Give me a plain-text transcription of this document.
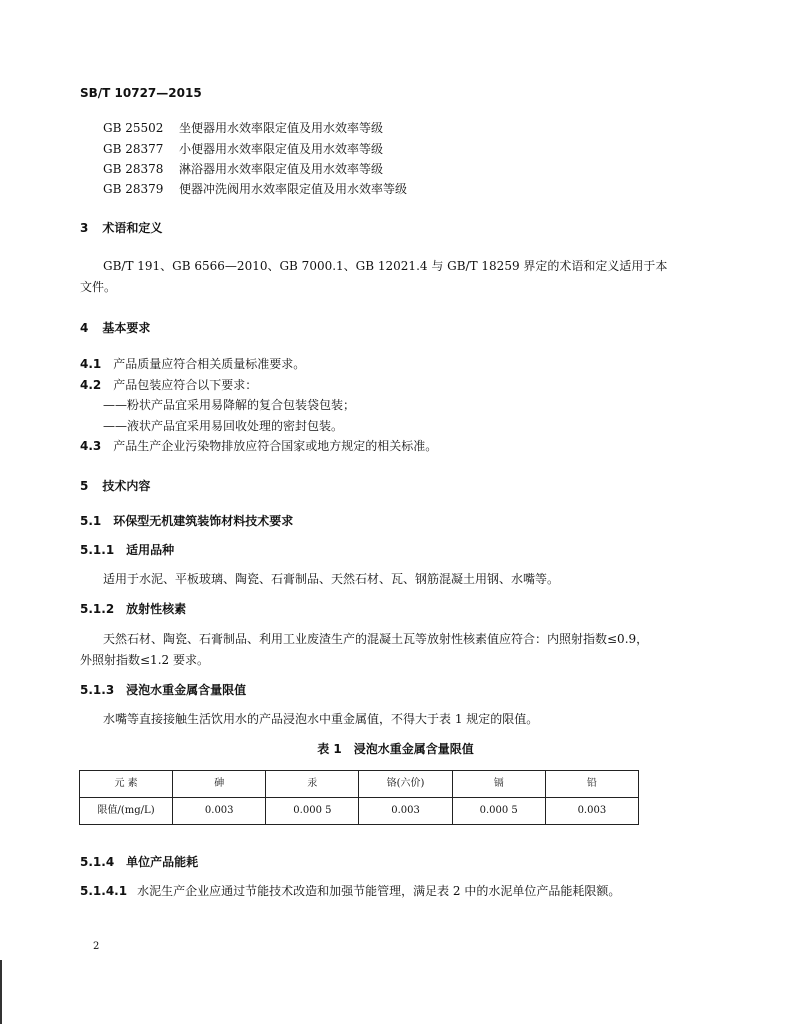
SB/T 10727—2015
GB 25502 坐便器用水效率限定值及用水效率等级
GB 28377 小便器用水效率限定值及用水效率等级
GB 28378 淋浴器用水效率限定值及用水效率等级
GB 28379 便器冲洗阀用水效率限定值及用水效率等级
3 术语和定义
GB/T 191、GB 6566—2010、GB 7000.1、GB 12021.4 与 GB/T 18259 界定的术语和定义适用于本
文件。
4 基本要求
4.1 产品质量应符合相关质量标准要求。
4.2 产品包装应符合以下要求：
——粉状产品宜采用易降解的复合包装袋包装；
——液状产品宜采用易回收处理的密封包装。
4.3 产品生产企业污染物排放应符合国家或地方规定的相关标准。
5 技术内容
5.1 环保型无机建筑装饰材料技术要求
5.1.1 适用品种
适用于水泥、平板玻璃、陶瓷、石膏制品、天然石材、瓦、钢筋混凝土用钢、水嘴等。
5.1.2 放射性核素
天然石材、陶瓷、石膏制品、利用工业废渣生产的混凝土瓦等放射性核素值应符合：内照射指数≤0.9，
外照射指数≤1.2 要求。
5.1.3 浸泡水重金属含量限值
水嘴等直接接触生活饮用水的产品浸泡水中重金属值，不得大于表 1 规定的限值。
表 1　浸泡水重金属含量限值
元 素	砷	汞	铬(六价)	镉	铅
限值/(mg/L)	0.003	0.000 5	0.003	0.000 5	0.003
5.1.4 单位产品能耗
5.1.4.1 水泥生产企业应通过节能技术改造和加强节能管理，满足表 2 中的水泥单位产品能耗限额。
2
